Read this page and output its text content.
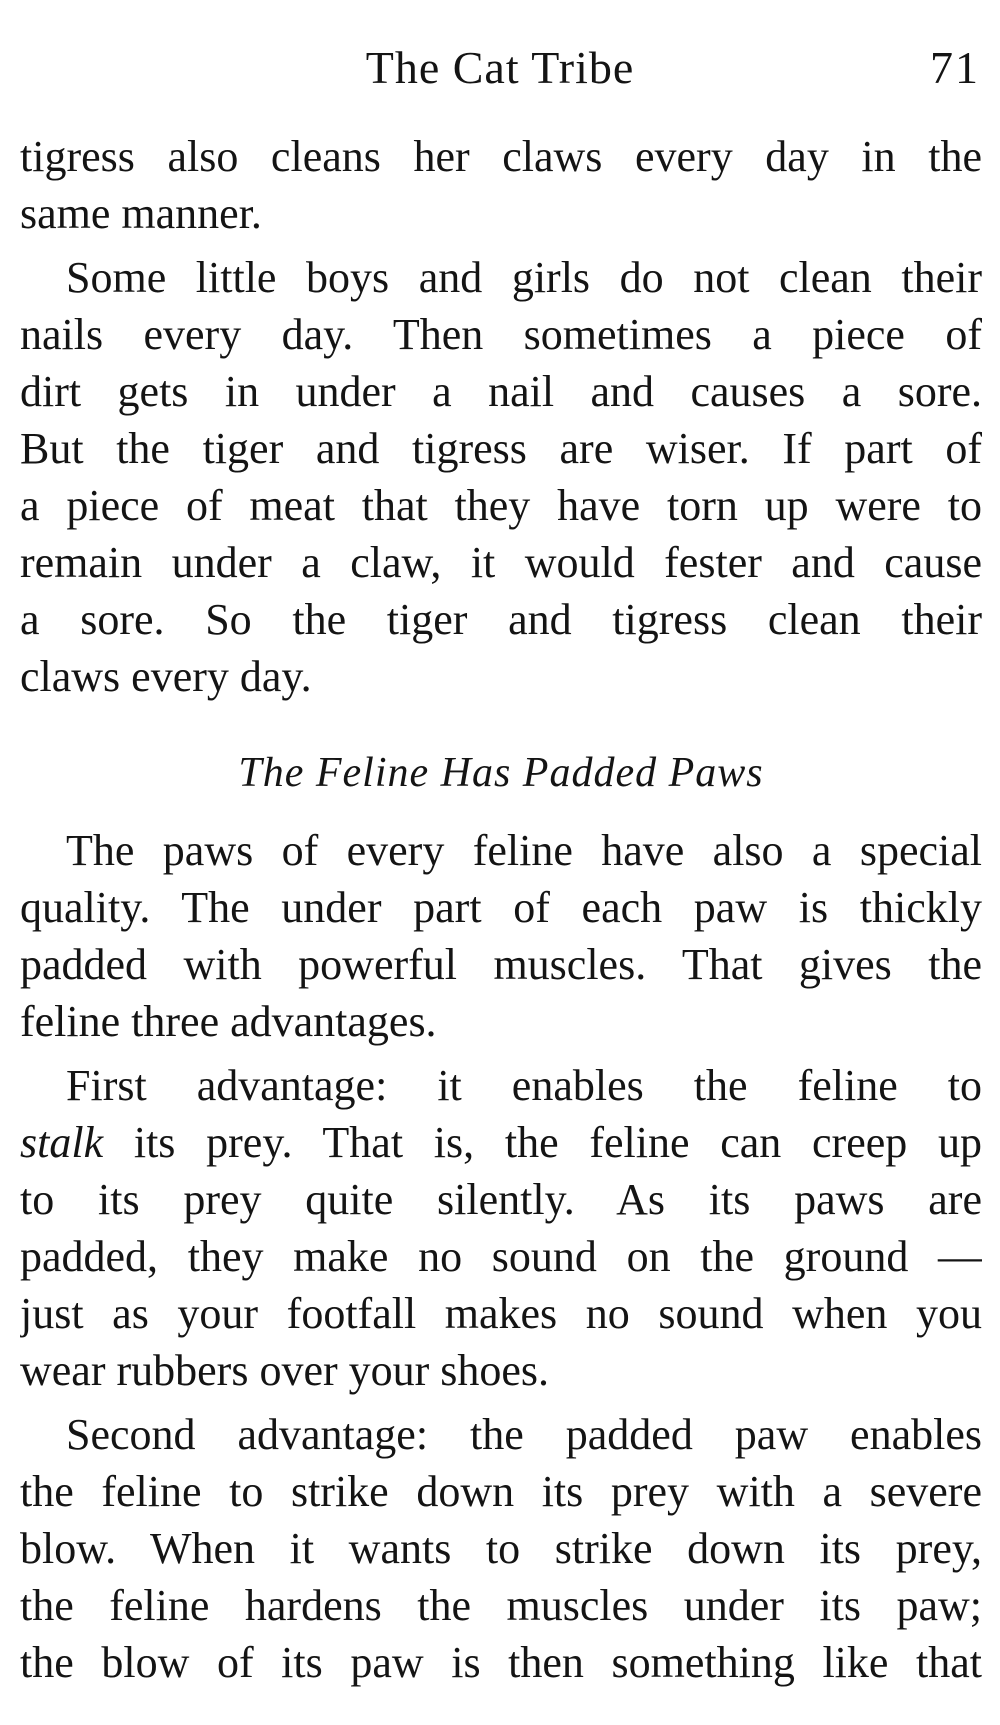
The Cat Tribe	71
tigress also cleans her claws every day in the
same manner.
Some little boys and girls do not clean their
nails every day. Then sometimes a piece of
dirt gets in under a nail and causes a sore.
But the tiger and tigress are wiser. If part of
a piece of meat that they have torn up were to
remain under a claw, it would fester and cause
a sore. So the tiger and tigress clean their
claws every day.
The Feline Has Padded Paws
The paws of every feline have also a special
quality. The under part of each paw is thickly
padded with powerful muscles. That gives the
feline three advantages.
First advantage: it enables the feline to
stalk its prey. That is, the feline can creep up
to its prey quite silently. As its paws are
padded, they make no sound on the ground —
just as your footfall makes no sound when you
wear rubbers over your shoes.
Second advantage: the padded paw enables
the feline to strike down its prey with a severe
blow. When it wants to strike down its prey,
the feline hardens the muscles under its paw;
the blow of its paw is then something like that
